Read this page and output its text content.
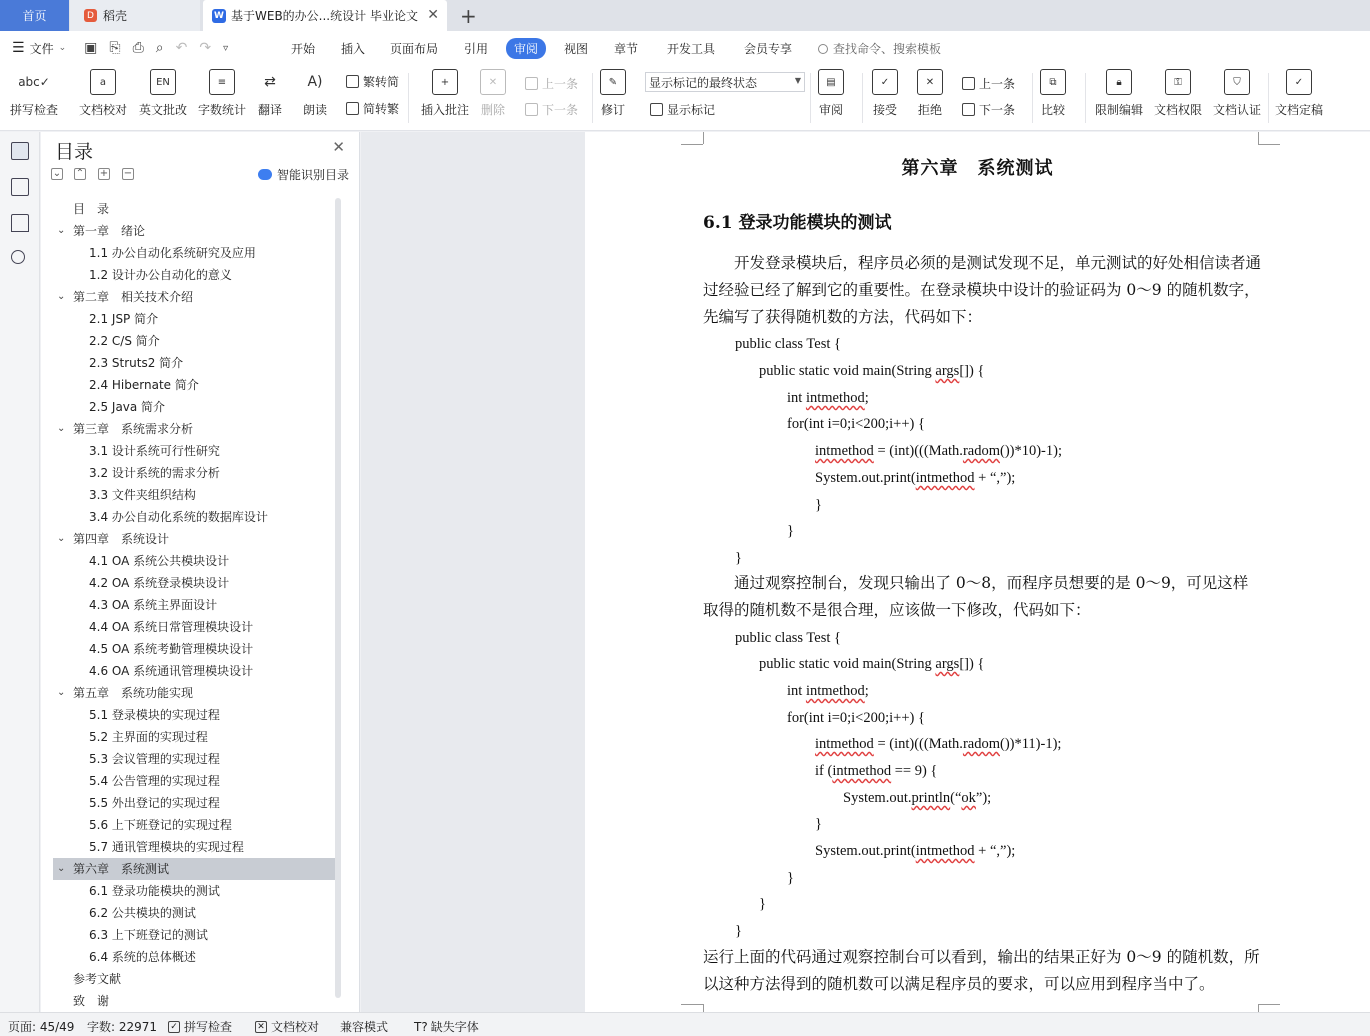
首页	D 稻壳	W 基于WEB的办公...统设计 毕业论文 ✕ +
☰ 文件 ⌄ ▣ ⎘ ⎙ ⌕ ↶ ↷ ▿	开始 插入 页面布局 引用	审阅	视图 章节 开发工具 会员专享	查找命令、搜索模板
abc✓
拼写检查
a
文档校对
EN
英文批改
≡
字数统计
⇄
翻译
A)
朗读
繁转简
简转繁
+
插入批注
✕
删除
上一条
下一条
✎
修订
显示标记的最终状态	▼
显示标记
▤
审阅
✓
接受
✕
拒绝
上一条
下一条
⧉
比较
🔒︎
限制编辑
⚿
文档权限
⛉
文档认证
✓
文档定稿
目录	✕
⌄ ⌃ + −	智能识别目录
目　录
⌄ 第一章　绪论
1.1 办公自动化系统研究及应用
1.2 设计办公自动化的意义
⌄ 第二章　相关技术介绍
2.1 JSP 简介
2.2 C/S 简介
2.3 Struts2 简介
2.4 Hibernate 简介
2.5 Java 简介
⌄ 第三章　系统需求分析
3.1 设计系统可行性研究
3.2 设计系统的需求分析
3.3 文件夹组织结构
3.4 办公自动化系统的数据库设计
⌄ 第四章　系统设计
4.1 OA 系统公共模块设计
4.2 OA 系统登录模块设计
4.3 OA 系统主界面设计
4.4 OA 系统日常管理模块设计
4.5 OA 系统考勤管理模块设计
4.6 OA 系统通讯管理模块设计
⌄ 第五章　系统功能实现
5.1 登录模块的实现过程
5.2 主界面的实现过程
5.3 会议管理的实现过程
5.4 公告管理的实现过程
5.5 外出登记的实现过程
5.6 上下班登记的实现过程
5.7 通讯管理模块的实现过程
⌄ 第六章　系统测试
6.1 登录功能模块的测试
6.2 公共模块的测试
6.3 上下班登记的测试
6.4 系统的总体概述
参考文献
致　谢
第六章　系统测试
6.1 登录功能模块的测试
　　开发登录模块后，程序员必须的是测试发现不足，单元测试的好处相信读者通过经验已经了解到它的重要性。在登录模块中设计的验证码为 0～9 的随机数字，先编写了获得随机数的方法，代码如下：
public class Test {
public static void main(String args[]) {
int intmethod;
for(int i=0;i<200;i++) {
intmethod = (int)(((Math.radom())*10)-1);
System.out.print(intmethod + “,”);
}
}
}
　　通过观察控制台，发现只输出了 0～8，而程序员想要的是 0～9，可见这样取得的随机数不是很合理，应该做一下修改，代码如下：
public class Test {
public static void main(String args[]) {
int intmethod;
for(int i=0;i<200;i++) {
intmethod = (int)(((Math.radom())*11)-1);
if (intmethod == 9) {
System.out.println(“ok”);
}
System.out.print(intmethod + “,”);
}
}
}
运行上面的代码通过观察控制台可以看到，输出的结果正好为 0～9 的随机数，所以这种方法得到的随机数可以满足程序员的要求，可以应用到程序当中了。
页面: 45/49 字数: 22971 ✓ 拼写检查	✕ 文档校对 兼容模式 T? 缺失字体
